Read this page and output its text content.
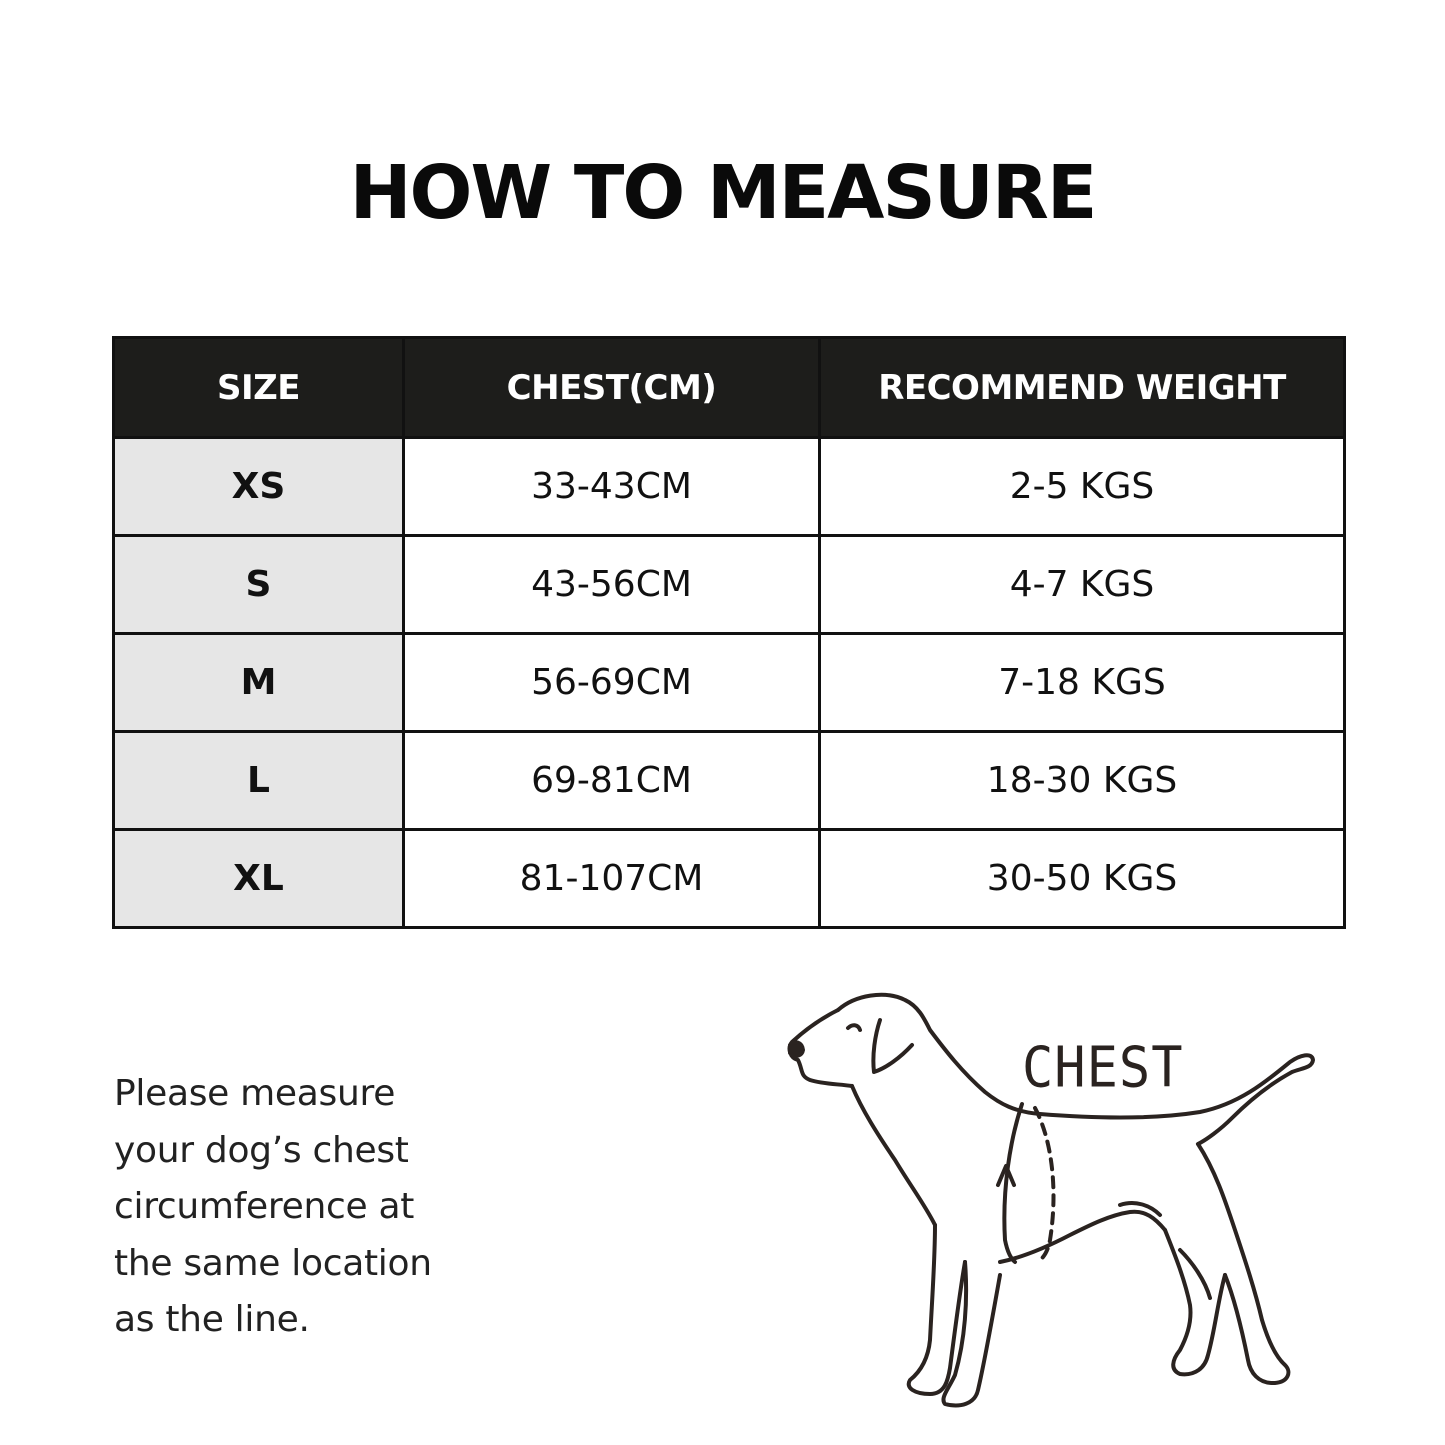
HOW TO MEASURE
SIZE	CHEST(CM)	RECOMMEND WEIGHT
XS	33-43CM	2-5 KGS
S	43-56CM	4-7 KGS
M	56-69CM	7-18 KGS
L	69-81CM	18-30 KGS
XL	81-107CM	30-50 KGS
Please measure
your dog’s chest
circumference at
the same location
as the line.
CHEST
